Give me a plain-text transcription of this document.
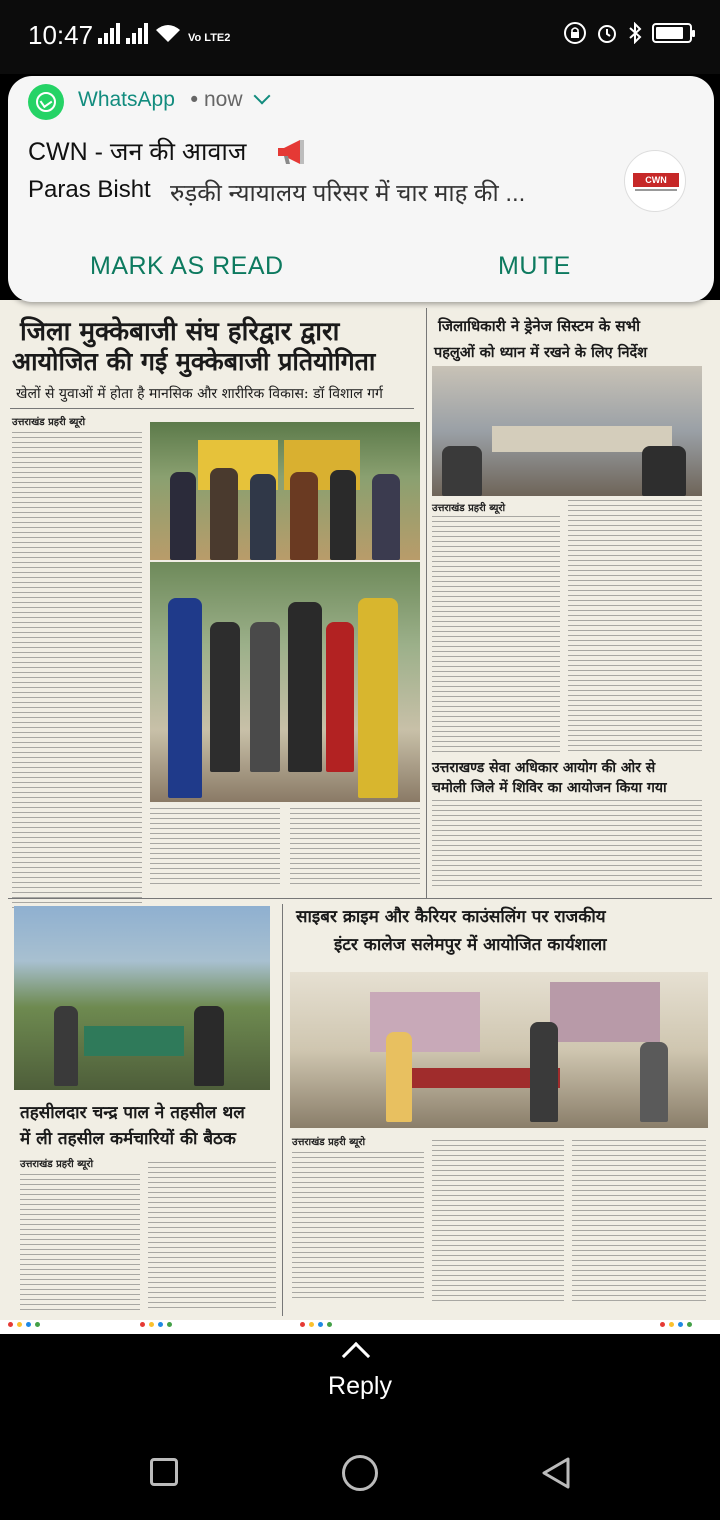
10:47	Vo LTE2
जिला मुक्केबाजी संघ हरिद्वार द्वारा
आयोजित की गई मुक्केबाजी प्रतियोगिता
खेलों से युवाओं में होता है मानसिक और शारीरिक विकास: डॉ विशाल गर्ग
उत्तराखंड प्रहरी ब्यूरो
जिलाधिकारी ने ड्रेनेज सिस्टम के सभी
पहलुओं को ध्यान में रखने के लिए निर्देश
उत्तराखंड प्रहरी ब्यूरो
उत्तराखण्ड सेवा अधिकार आयोग की ओर से
चमोली जिले में शिविर का आयोजन किया गया
तहसीलदार चन्द्र पाल ने तहसील थल
में ली तहसील कर्मचारियों की बैठक
उत्तराखंड प्रहरी ब्यूरो
साइबर क्राइम और कैरियर काउंसलिंग पर राजकीय
इंटर कालेज सलेमपुर में आयोजित कार्यशाला
उत्तराखंड प्रहरी ब्यूरो
WhatsApp • now
CWN - जन की आवाज
Paras Bisht रुड़की न्यायालय परिसर में चार माह की ...	CWN
MARK AS READ	MUTE
Reply
